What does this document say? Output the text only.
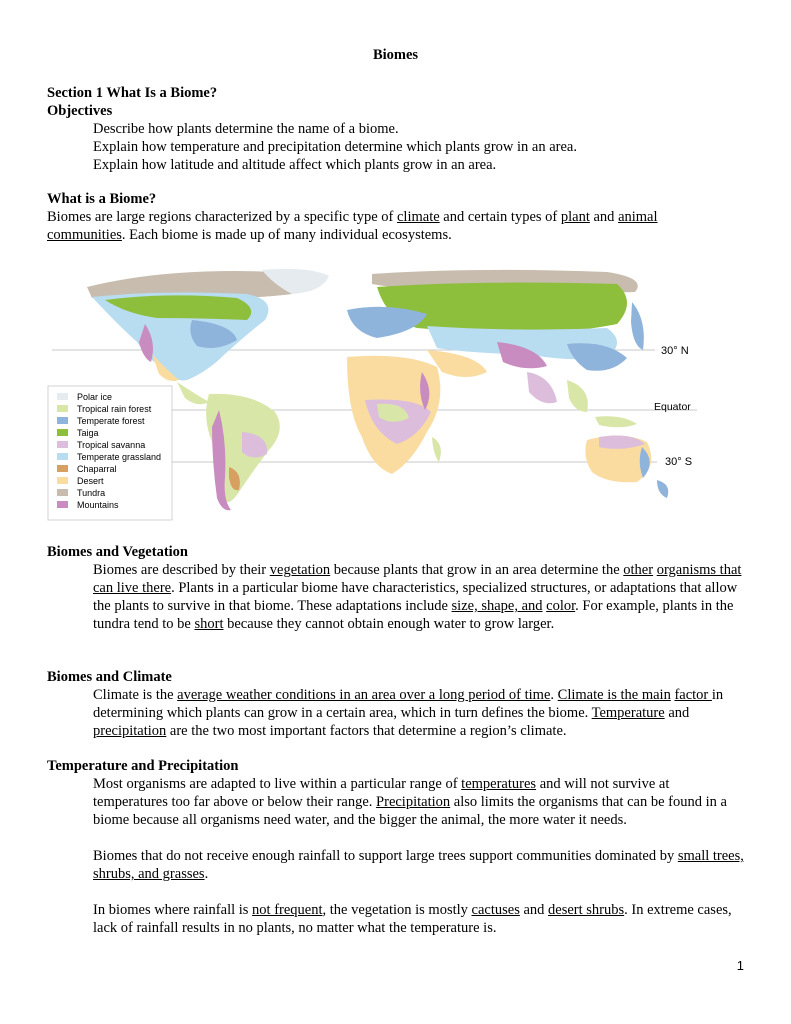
Biomes
Section 1 What Is a Biome?
Objectives
Describe how plants determine the name of a biome.
Explain how temperature and precipitation determine which plants grow in an area.
Explain how latitude and altitude affect which plants grow in an area.
What is a Biome?
Biomes are large regions characterized by a specific type of climate and certain types of plant and animal
communities. Each biome is made up of many individual ecosystems.
30° N
Equator
30° S
Polar ice
Tropical rain forest
Temperate forest
Taiga
Tropical savanna
Temperate grassland
Chaparral
Desert
Tundra
Mountains
Biomes and Vegetation
Biomes are described by their vegetation because plants that grow in an area determine the other organisms that can live there. Plants in a particular biome have characteristics, specialized structures, or adaptations that allow the plants to survive in that biome. These adaptations include size, shape, and color. For example, plants in the tundra tend to be short because they cannot obtain enough water to grow larger.
Biomes and Climate
Climate is the average weather conditions in an area over a long period of time. Climate is the main factor in determining which plants can grow in a certain area, which in turn defines the biome. Temperature and precipitation are the two most important factors that determine a region’s climate.
Temperature and Precipitation
Most organisms are adapted to live within a particular range of temperatures and will not survive at temperatures too far above or below their range. Precipitation also limits the organisms that can be found in a biome because all organisms need water, and the bigger the animal, the more water it needs.
Biomes that do not receive enough rainfall to support large trees support communities dominated by small trees, shrubs, and grasses.
In biomes where rainfall is not frequent, the vegetation is mostly cactuses and desert shrubs. In extreme cases, lack of rainfall results in no plants, no matter what the temperature is.
1
